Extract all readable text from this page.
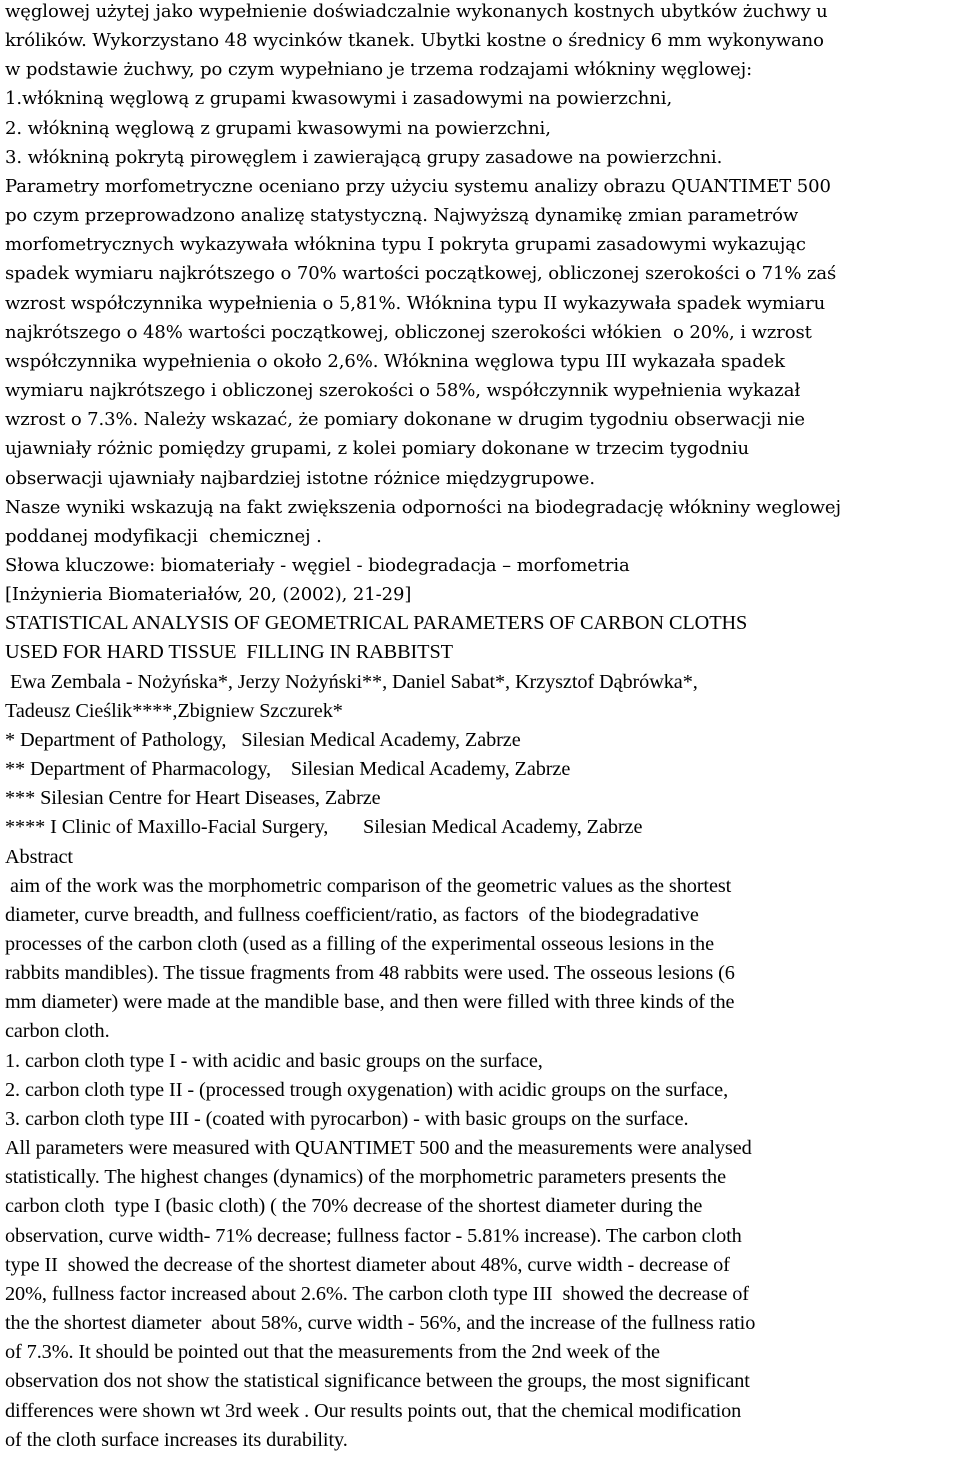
węglowej użytej jako wypełnienie doświadczalnie wykonanych kostnych ubytków żuchwy u
królików. Wykorzystano 48 wycinków tkanek. Ubytki kostne o średnicy 6 mm wykonywano
w podstawie żuchwy, po czym wypełniano je trzema rodzajami włókniny węglowej:
1.włókniną węglową z grupami kwasowymi i zasadowymi na powierzchni,
2. włókniną węglową z grupami kwasowymi na powierzchni,
3. włókniną pokrytą pirowęglem i zawierającą grupy zasadowe na powierzchni.
Parametry morfometryczne oceniano przy użyciu systemu analizy obrazu QUANTIMET 500
po czym przeprowadzono analizę statystyczną. Najwyższą dynamikę zmian parametrów
morfometrycznych wykazywała włóknina typu I pokryta grupami zasadowymi wykazując
spadek wymiaru najkrótszego o 70% wartości początkowej, obliczonej szerokości o 71% zaś
wzrost współczynnika wypełnienia o 5,81%. Włóknina typu II wykazywała spadek wymiaru
najkrótszego o 48% wartości początkowej, obliczonej szerokości włókien  o 20%, i wzrost
współczynnika wypełnienia o około 2,6%. Włóknina węglowa typu III wykazała spadek
wymiaru najkrótszego i obliczonej szerokości o 58%, współczynnik wypełnienia wykazał
wzrost o 7.3%. Należy wskazać, że pomiary dokonane w drugim tygodniu obserwacji nie
ujawniały różnic pomiędzy grupami, z kolei pomiary dokonane w trzecim tygodniu
obserwacji ujawniały najbardziej istotne różnice międzygrupowe.
Nasze wyniki wskazują na fakt zwiększenia odporności na biodegradację włókniny weglowej
poddanej modyfikacji  chemicznej .
Słowa kluczowe: biomateriały - węgiel - biodegradacja – morfometria
[Inżynieria Biomateriałów, 20, (2002), 21-29]
STATISTICAL ANALYSIS OF GEOMETRICAL PARAMETERS OF CARBON CLOTHS
USED FOR HARD TISSUE  FILLING IN RABBITST
Ewa Zembala - Nożyńska*, Jerzy Nożyński**, Daniel Sabat*, Krzysztof Dąbrówka*,
Tadeusz Cieślik****,Zbigniew Szczurek*
* Department of Pathology,   Silesian Medical Academy, Zabrze
** Department of Pharmacology,    Silesian Medical Academy, Zabrze
*** Silesian Centre for Heart Diseases, Zabrze
**** I Clinic of Maxillo-Facial Surgery,       Silesian Medical Academy, Zabrze
Abstract
aim of the work was the morphometric comparison of the geometric values as the shortest
diameter, curve breadth, and fullness coefficient/ratio, as factors  of the biodegradative
processes of the carbon cloth (used as a filling of the experimental osseous lesions in the
rabbits mandibles). The tissue fragments from 48 rabbits were used. The osseous lesions (6
mm diameter) were made at the mandible base, and then were filled with three kinds of the
carbon cloth.
1. carbon cloth type I - with acidic and basic groups on the surface,
2. carbon cloth type II - (processed trough oxygenation) with acidic groups on the surface,
3. carbon cloth type III - (coated with pyrocarbon) - with basic groups on the surface.
All parameters were measured with QUANTIMET 500 and the measurements were analysed
statistically. The highest changes (dynamics) of the morphometric parameters presents the
carbon cloth  type I (basic cloth) ( the 70% decrease of the shortest diameter during the
observation, curve width- 71% decrease; fullness factor - 5.81% increase). The carbon cloth
type II  showed the decrease of the shortest diameter about 48%, curve width - decrease of
20%, fullness factor increased about 2.6%. The carbon cloth type III  showed the decrease of
the the shortest diameter  about 58%, curve width - 56%, and the increase of the fullness ratio
of 7.3%. It should be pointed out that the measurements from the 2nd week of the
observation dos not show the statistical significance between the groups, the most significant
differences were shown wt 3rd week . Our results points out, that the chemical modification
of the cloth surface increases its durability.
